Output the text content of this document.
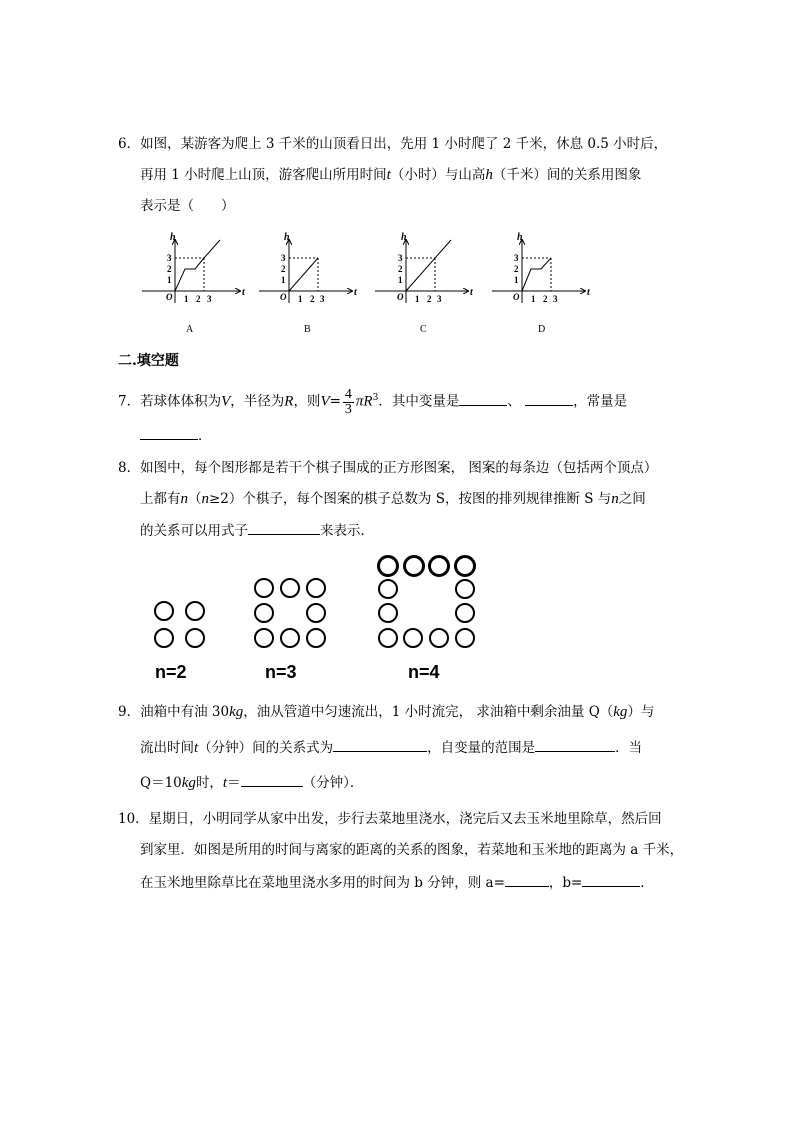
6．如图，某游客为爬上 3 千米的山顶看日出，先用 1 小时爬了 2 千米，休息 0.5 小时后，
再用 1 小时爬上山顶，游客爬山所用时间t（小时）与山高h（千米）间的关系用图象
表示是（　　）
h
t
O
1
2
3
1 2 3
A
h
t
O
1
2
3
1 2 3
B
h
t
O
1
2
3
1 2 3
C
h
t
O
1
2
3
1 2 3
D
二.填空题
7．若球体体积为V，半径为R，则$V= \frac{4}{3} \pi R^3$．其中变量是	、	，常量是
．
8．如图中，每个图形都是若干个棋子围成的正方形图案， 图案的每条边（包括两个顶点）
上都有n（n≥2）个棋子，每个图案的棋子总数为 S，按图的排列规律推断 S 与n之间
的关系可以用式子	来表示．
n=2	n=3	n=4
9．油箱中有油 30kg，油从管道中匀速流出，1 小时流完， 求油箱中剩余油量 Q（kg）与
流出时间t（分钟）间的关系式为	，自变量的范围是	．当
Q＝10kg时，t＝	（分钟）．
10．星期日，小明同学从家中出发，步行去菜地里浇水，浇完后又去玉米地里除草，然后回
到家里．如图是所用的时间与离家的距离的关系的图象，若菜地和玉米地的距离为 a 千米，
在玉米地里除草比在菜地里浇水多用的时间为 b 分钟，则 a=	，b=	．
